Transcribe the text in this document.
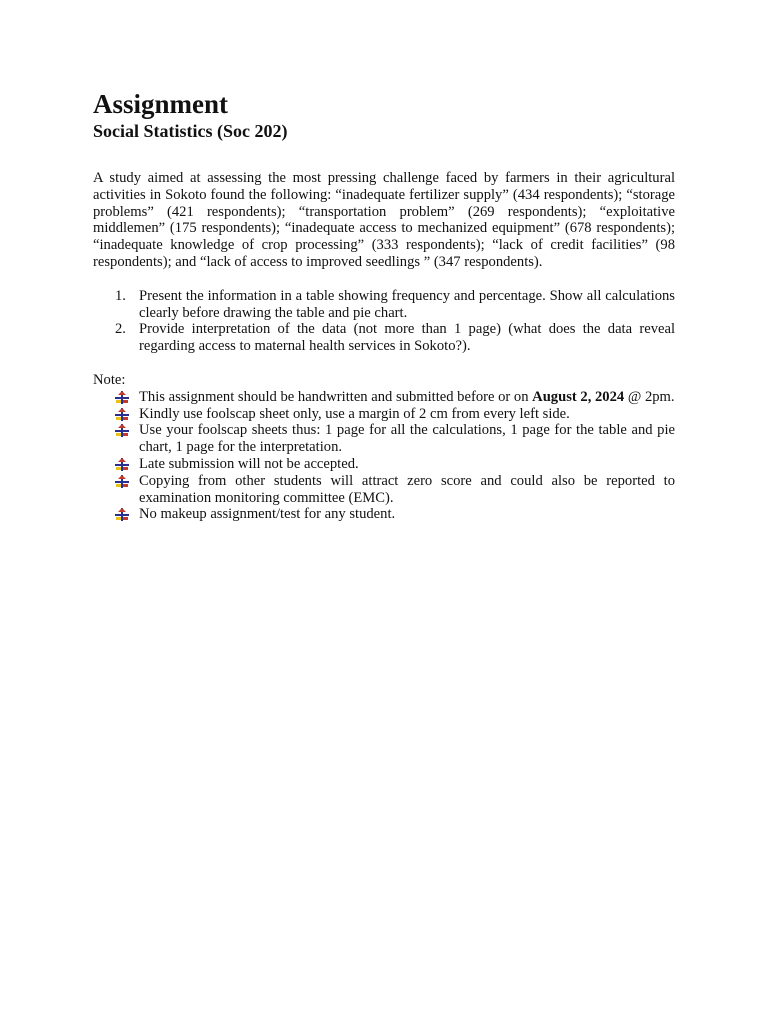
Assignment
Social Statistics (Soc 202)

A study aimed at assessing the most pressing challenge faced by farmers in their agricultural activities in Sokoto found the following: “inadequate fertilizer supply” (434 respondents); “storage problems” (421 respondents); “transportation problem” (269 respondents); “exploitative middlemen” (175 respondents); “inadequate access to mechanized equipment” (678 respondents); “inadequate knowledge of crop processing” (333 respondents); “lack of credit facilities” (98 respondents); and “lack of access to improved seedlings ” (347 respondents).

1. Present the information in a table showing frequency and percentage. Show all calculations clearly before drawing the table and pie chart.
2. Provide interpretation of the data (not more than 1 page) (what does the data reveal regarding access to maternal health services in Sokoto?).

Note:

This assignment should be handwritten and submitted before or on August 2, 2024 @ 2pm.
Kindly use foolscap sheet only, use a margin of 2 cm from every left side.
Use your foolscap sheets thus: 1 page for all the calculations, 1 page for the table and pie chart, 1 page for the interpretation.
Late submission will not be accepted.
Copying from other students will attract zero score and could also be reported to examination monitoring committee (EMC).
No makeup assignment/test for any student.
